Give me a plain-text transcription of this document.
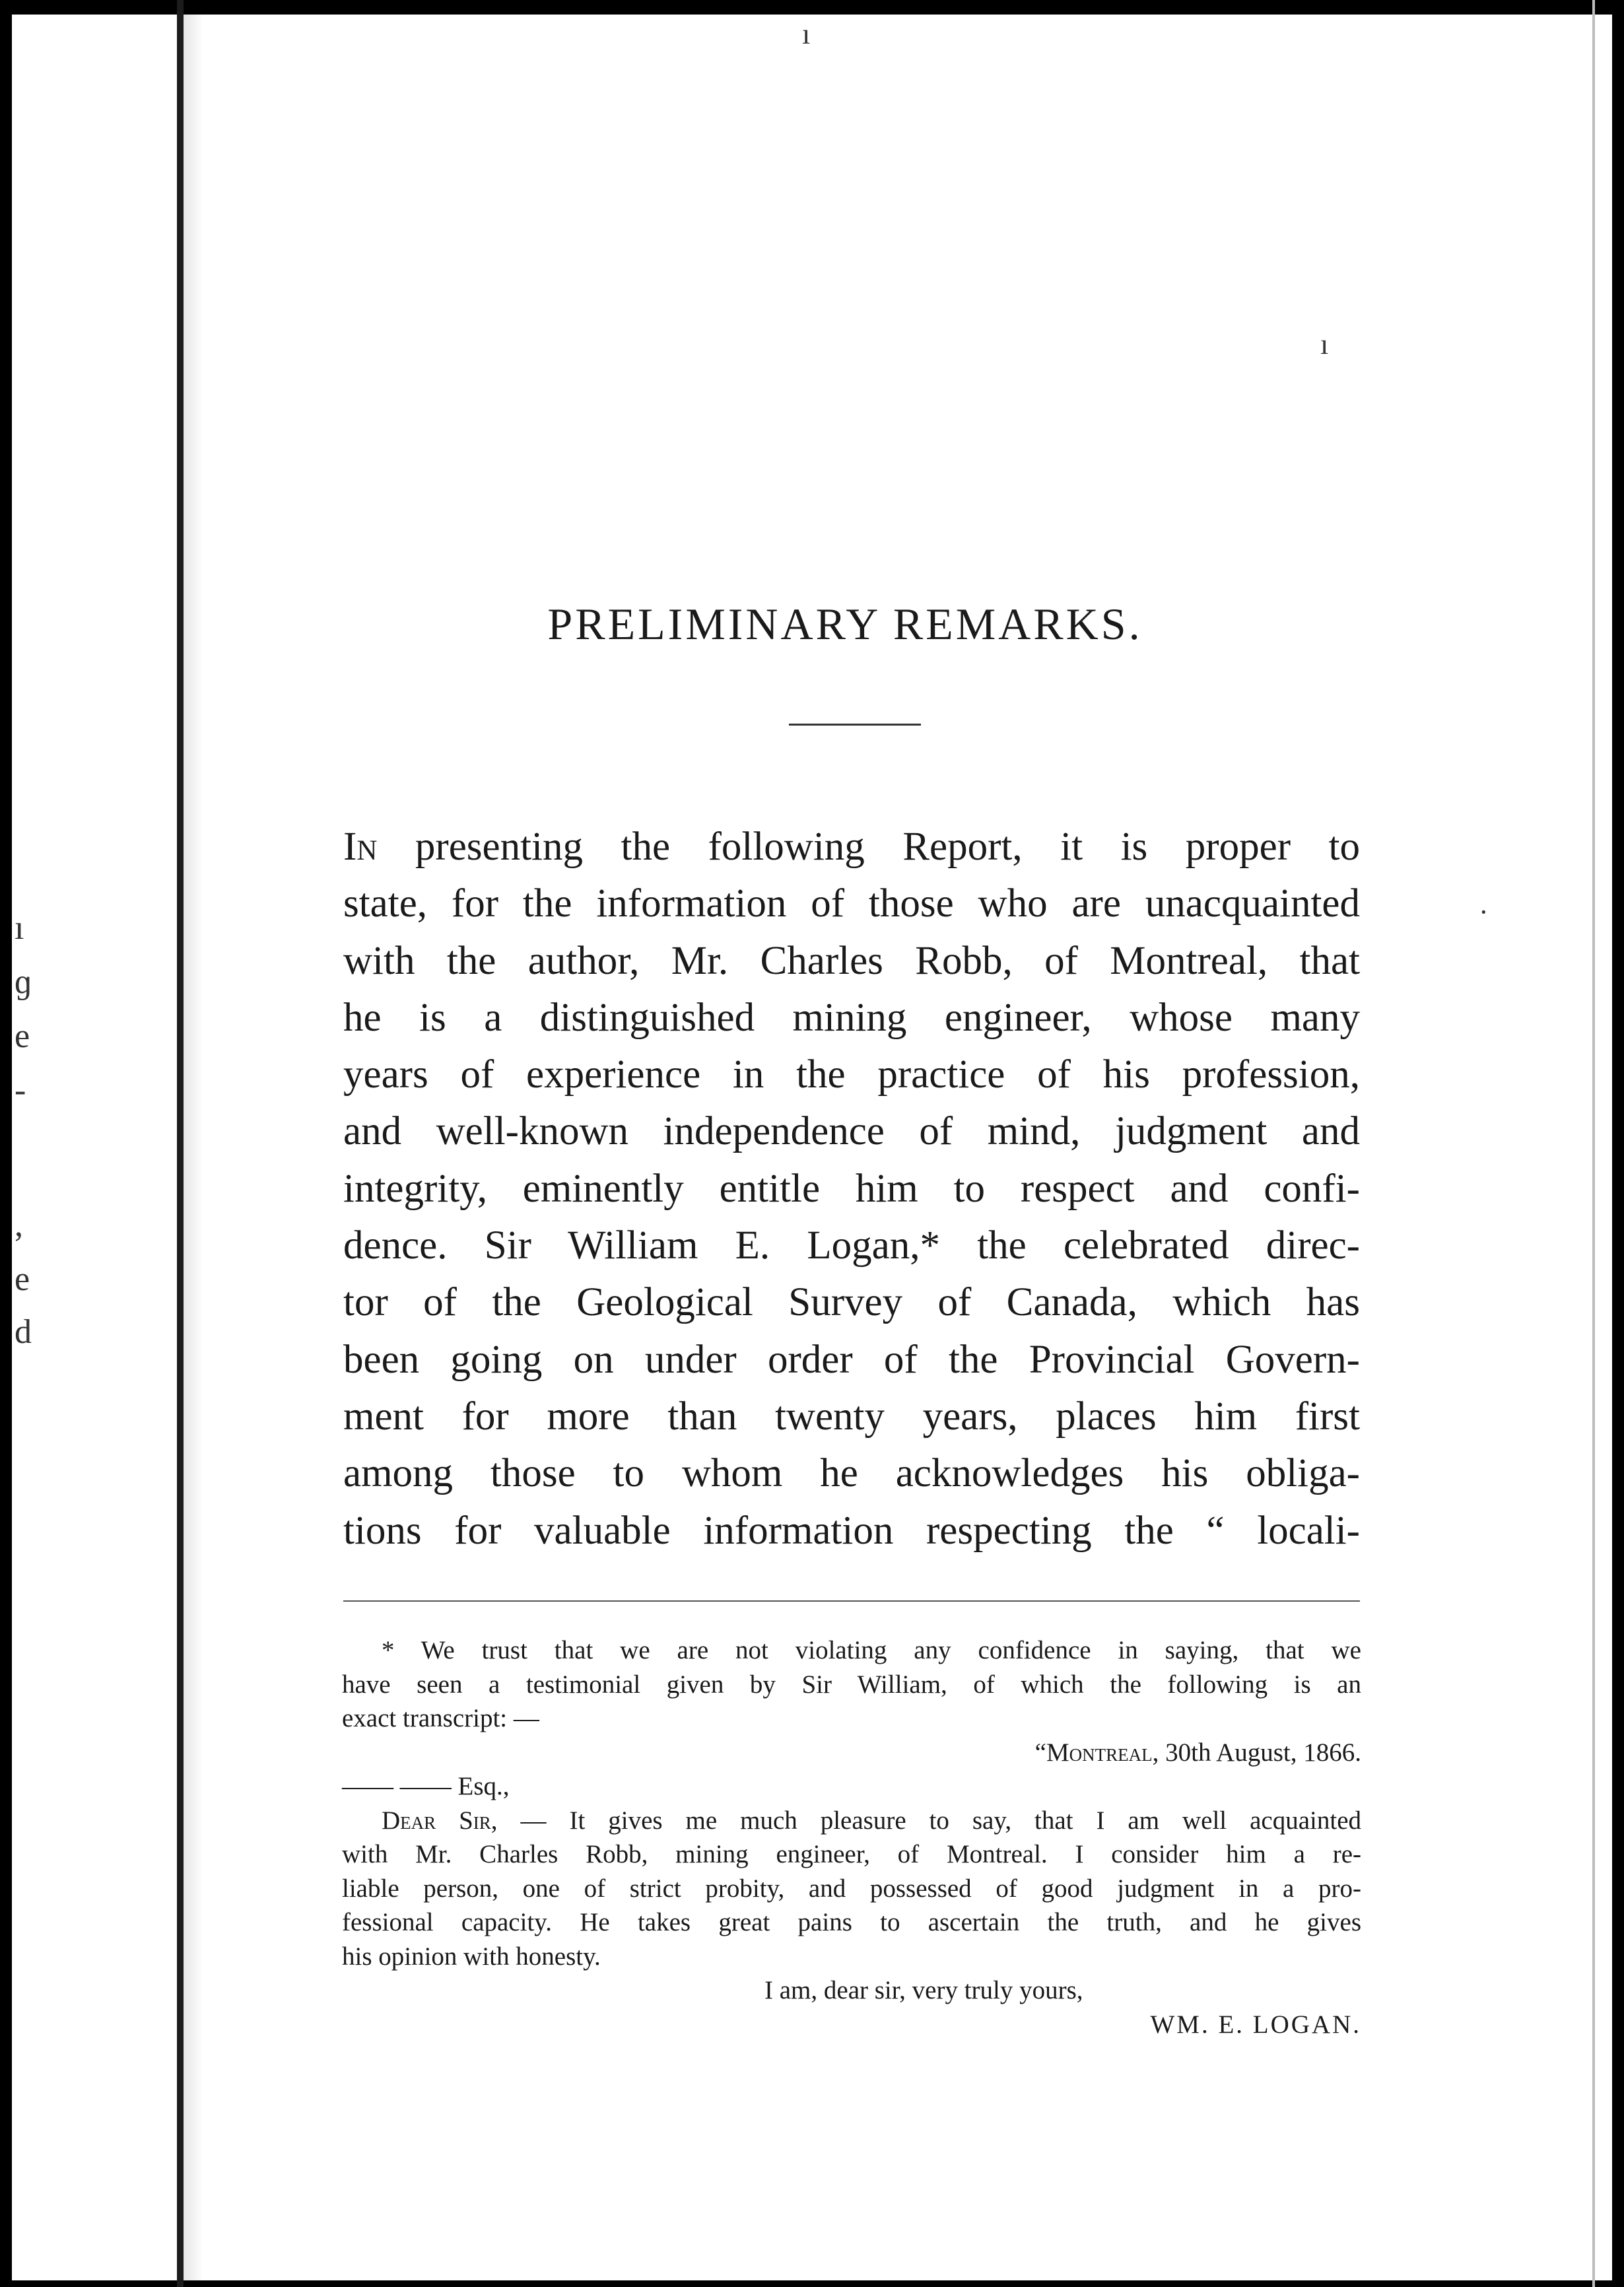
ı
ɡ
e
-
,
e
d
ı
ı
·
PRELIMINARY REMARKS.
In presenting the following Report, it is proper to
state, for the information of those who are unacquainted
with the author, Mr. Charles Robb, of Montreal, that
he is a distinguished mining engineer, whose many
years of experience in the practice of his profession,
and well-known independence of mind, judgment and
integrity, eminently entitle him to respect and confi-
dence. Sir William E. Logan,* the celebrated direc-
tor of the Geological Survey of Canada, which has
been going on under order of the Provincial Govern-
ment for more than twenty years, places him first
among those to whom he acknowledges his obliga-
tions for valuable information respecting the “ locali-
* We trust that we are not violating any confidence in saying, that we
have seen a testimonial given by Sir William, of which the following is an
exact transcript: —
“Montreal, 30th August, 1866.
—— —— Esq.,
Dear Sir, — It gives me much pleasure to say, that I am well acquainted
with Mr. Charles Robb, mining engineer, of Montreal. I consider him a re-
liable person, one of strict probity, and possessed of good judgment in a pro-
fessional capacity. He takes great pains to ascertain the truth, and he gives
his opinion with honesty.
I am, dear sir, very truly yours,
WM. E. LOGAN.
